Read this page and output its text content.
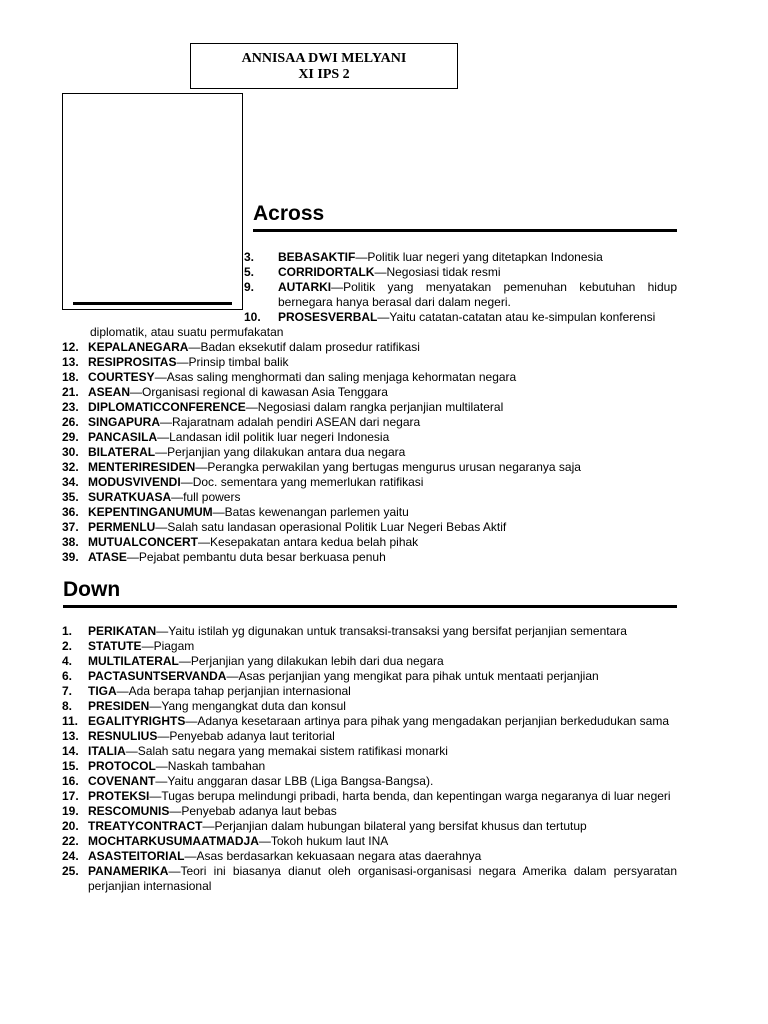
ANNISAA DWI MELYANI
XI IPS 2
Across
3.	BEBASAKTIF—Politik luar negeri yang ditetapkan Indonesia
5.	CORRIDORTALK—Negosiasi tidak resmi
9.	AUTARKI—Politik yang menyatakan pemenuhan kebutuhan hidup bernegara hanya berasal dari dalam negeri.
10.	PROSESVERBAL—Yaitu catatan-catatan atau ke-simpulan konferensi
diplomatik, atau suatu permufakatan
12. KEPALANEGARA—Badan eksekutif dalam prosedur ratifikasi
13. RESIPROSITAS—Prinsip timbal balik
18. COURTESY—Asas saling menghormati dan saling menjaga kehormatan negara
21. ASEAN—Organisasi regional di kawasan Asia Tenggara
23. DIPLOMATICCONFERENCE—Negosiasi dalam rangka perjanjian multilateral
26. SINGAPURA—Rajaratnam adalah pendiri ASEAN dari negara
29. PANCASILA—Landasan idil politik luar negeri Indonesia
30. BILATERAL—Perjanjian yang dilakukan antara dua negara
32. MENTERIRESIDEN—Perangka perwakilan yang bertugas mengurus urusan negaranya saja
34. MODUSVIVENDI—Doc. sementara yang memerlukan ratifikasi
35. SURATKUASA—full powers
36. KEPENTINGANUMUM—Batas kewenangan parlemen yaitu
37. PERMENLU—Salah satu landasan operasional Politik Luar Negeri Bebas Aktif
38. MUTUALCONCERT—Kesepakatan antara kedua belah pihak
39. ATASE—Pejabat pembantu duta besar berkuasa penuh
Down
1.	PERIKATAN—Yaitu istilah yg digunakan untuk transaksi-transaksi yang bersifat perjanjian sementara
2.	STATUTE—Piagam
4.	MULTILATERAL—Perjanjian yang dilakukan lebih dari dua negara
6.	PACTASUNTSERVANDA—Asas perjanjian yang mengikat para pihak untuk mentaati perjanjian
7.	TIGA—Ada berapa tahap perjanjian internasional
8.	PRESIDEN—Yang mengangkat duta dan konsul
11. EGALITYRIGHTS—Adanya kesetaraan artinya para pihak yang mengadakan perjanjian berkedudukan sama
13. RESNULIUS—Penyebab adanya laut teritorial
14. ITALIA—Salah satu negara yang memakai sistem ratifikasi monarki
15. PROTOCOL—Naskah tambahan
16. COVENANT—Yaitu anggaran dasar LBB (Liga Bangsa-Bangsa).
17. PROTEKSI—Tugas berupa melindungi pribadi, harta benda, dan kepentingan warga negaranya di luar negeri
19. RESCOMUNIS—Penyebab adanya laut bebas
20. TREATYCONTRACT—Perjanjian dalam hubungan bilateral yang bersifat khusus dan tertutup
22. MOCHTARKUSUMAATMADJA—Tokoh hukum laut INA
24. ASASTEITORIAL—Asas berdasarkan kekuasaan negara atas daerahnya
25. PANAMERIKA—Teori ini biasanya dianut oleh organisasi-organisasi negara Amerika dalam persyaratan perjanjian internasional
